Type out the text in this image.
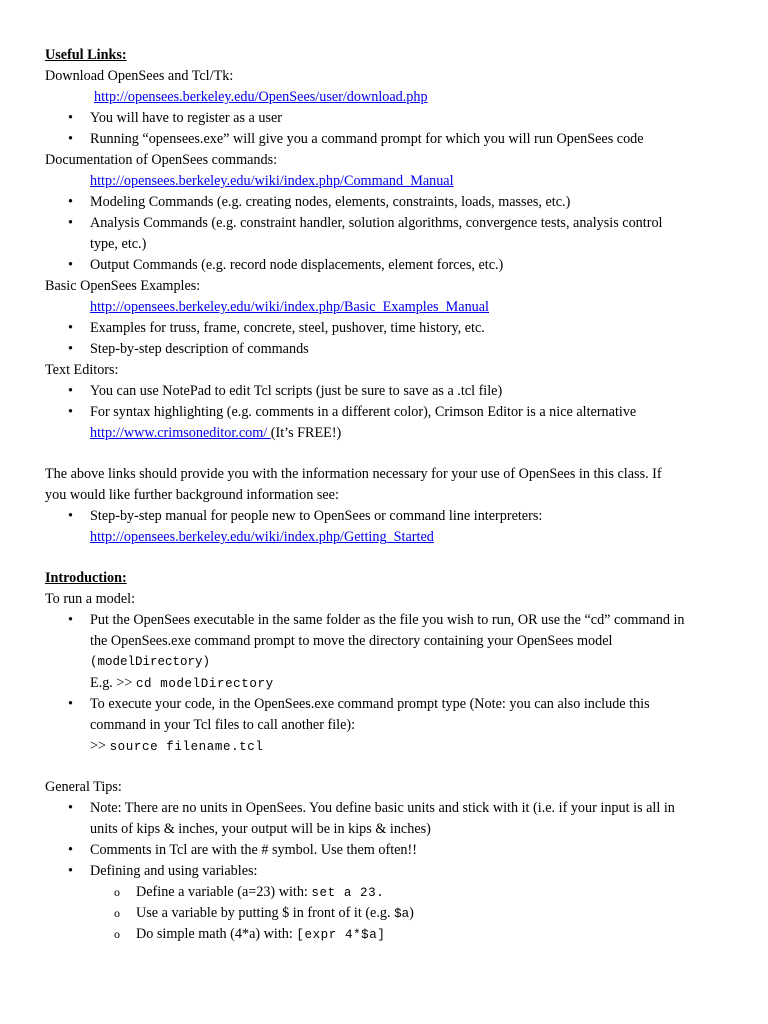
Useful Links:
Download OpenSees and Tcl/Tk:
http://opensees.berkeley.edu/OpenSees/user/download.php
• You will have to register as a user
• Running “opensees.exe” will give you a command prompt for which you will run OpenSees code
Documentation of OpenSees commands:
http://opensees.berkeley.edu/wiki/index.php/Command_Manual
• Modeling Commands (e.g. creating nodes, elements, constraints, loads, masses, etc.)
• Analysis Commands (e.g. constraint handler, solution algorithms, convergence tests, analysis control
type, etc.)
• Output Commands (e.g. record node displacements, element forces, etc.)
Basic OpenSees Examples:
http://opensees.berkeley.edu/wiki/index.php/Basic_Examples_Manual
• Examples for truss, frame, concrete, steel, pushover, time history, etc.
• Step-by-step description of commands
Text Editors:
• You can use NotePad to edit Tcl scripts (just be sure to save as a .tcl file)
• For syntax highlighting (e.g. comments in a different color), Crimson Editor is a nice alternative
http://www.crimsoneditor.com/ (It’s FREE!)
The above links should provide you with the information necessary for your use of OpenSees in this class. If
you would like further background information see:
• Step-by-step manual for people new to OpenSees or command line interpreters:
http://opensees.berkeley.edu/wiki/index.php/Getting_Started
Introduction:
To run a model:
• Put the OpenSees executable in the same folder as the file you wish to run, OR use the “cd” command in
the OpenSees.exe command prompt to move the directory containing your OpenSees model
(modelDirectory)
E.g. >> cd modelDirectory
• To execute your code, in the OpenSees.exe command prompt type (Note: you can also include this
command in your Tcl files to call another file):
>> source filename.tcl
General Tips:
• Note: There are no units in OpenSees. You define basic units and stick with it (i.e. if your input is all in
units of kips & inches, your output will be in kips & inches)
• Comments in Tcl are with the # symbol. Use them often!!
• Defining and using variables:
o Define a variable (a=23) with: set a 23.
o Use a variable by putting $ in front of it (e.g. $a)
o Do simple math (4*a) with: [expr 4*$a]
